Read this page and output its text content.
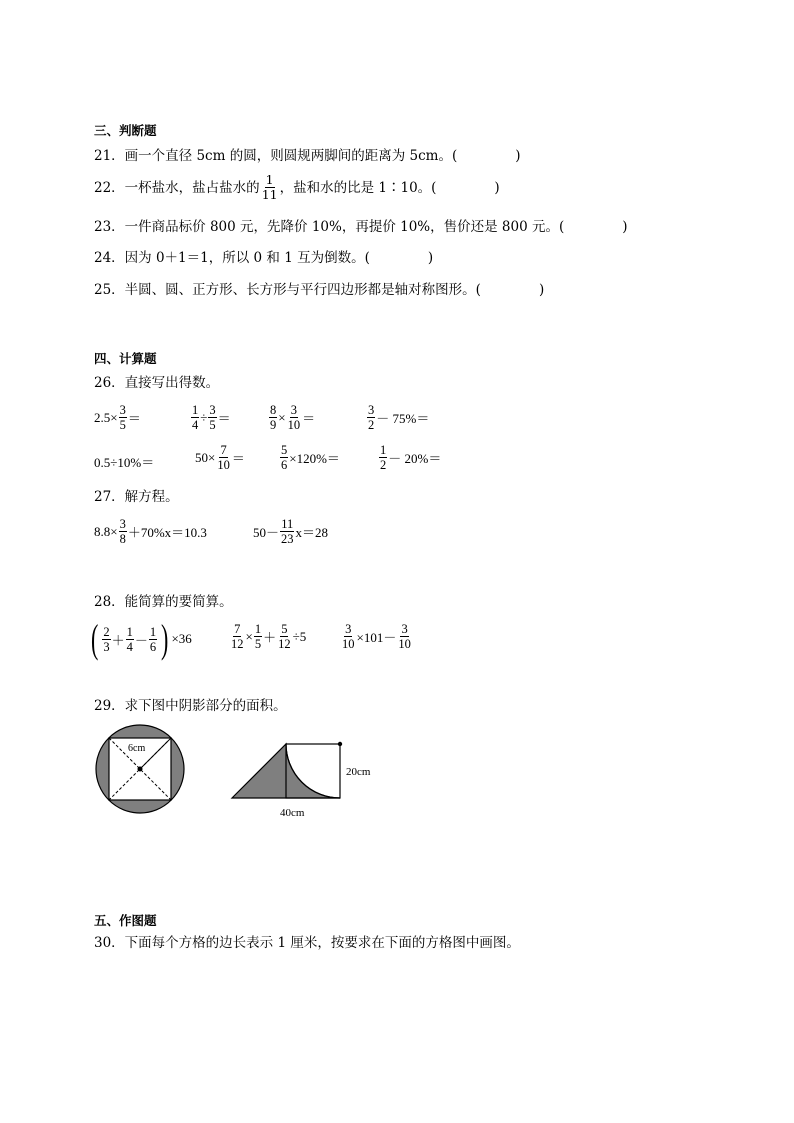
三、判断题
21．画一个直径 5cm 的圆，则圆规两脚间的距离为 5cm。(	)
22．一杯盐水，盐占盐水的 $\frac{1}{11}$ ，盐和水的比是 1∶10。(	)
23．一件商品标价 800 元，先降价 10%，再提价 10%，售价还是 800 元。(	)
24．因为 0＋1＝1，所以 0 和 1 互为倒数。(	)
25．半圆、圆、正方形、长方形与平行四边形都是轴对称图形。(	)
四、计算题
26．直接写出得数。
$2.5\times \frac{3}{5}$ ＝	$\frac{1}{4} \div \frac{3}{5}$ ＝	$\frac{8}{9} \times \frac{3}{10}$ ＝	$\frac{3}{2} - 75\%=$
0.5÷10%＝	$50\times \frac{7}{10}$ ＝	$\frac{5}{6} \times 120\%=$	$\frac{1}{2} - 20\%=$
27．解方程。
$8.8\times \frac{3}{8} +70\%x=10.3$	$50- \frac{11}{23} x=28$
28．能简算的要简算。
( $\frac{2}{3} + \frac{1}{4} - \frac{1}{6}$ ) ×36	$\frac{7}{12} \times \frac{1}{5} + \frac{5}{12} \div 5$	$\frac{3}{10} \times 101- \frac{3}{10}$
29．求下图中阴影部分的面积。
6cm
20cm
40cm
五、作图题
30．下面每个方格的边长表示 1 厘米，按要求在下面的方格图中画图。
